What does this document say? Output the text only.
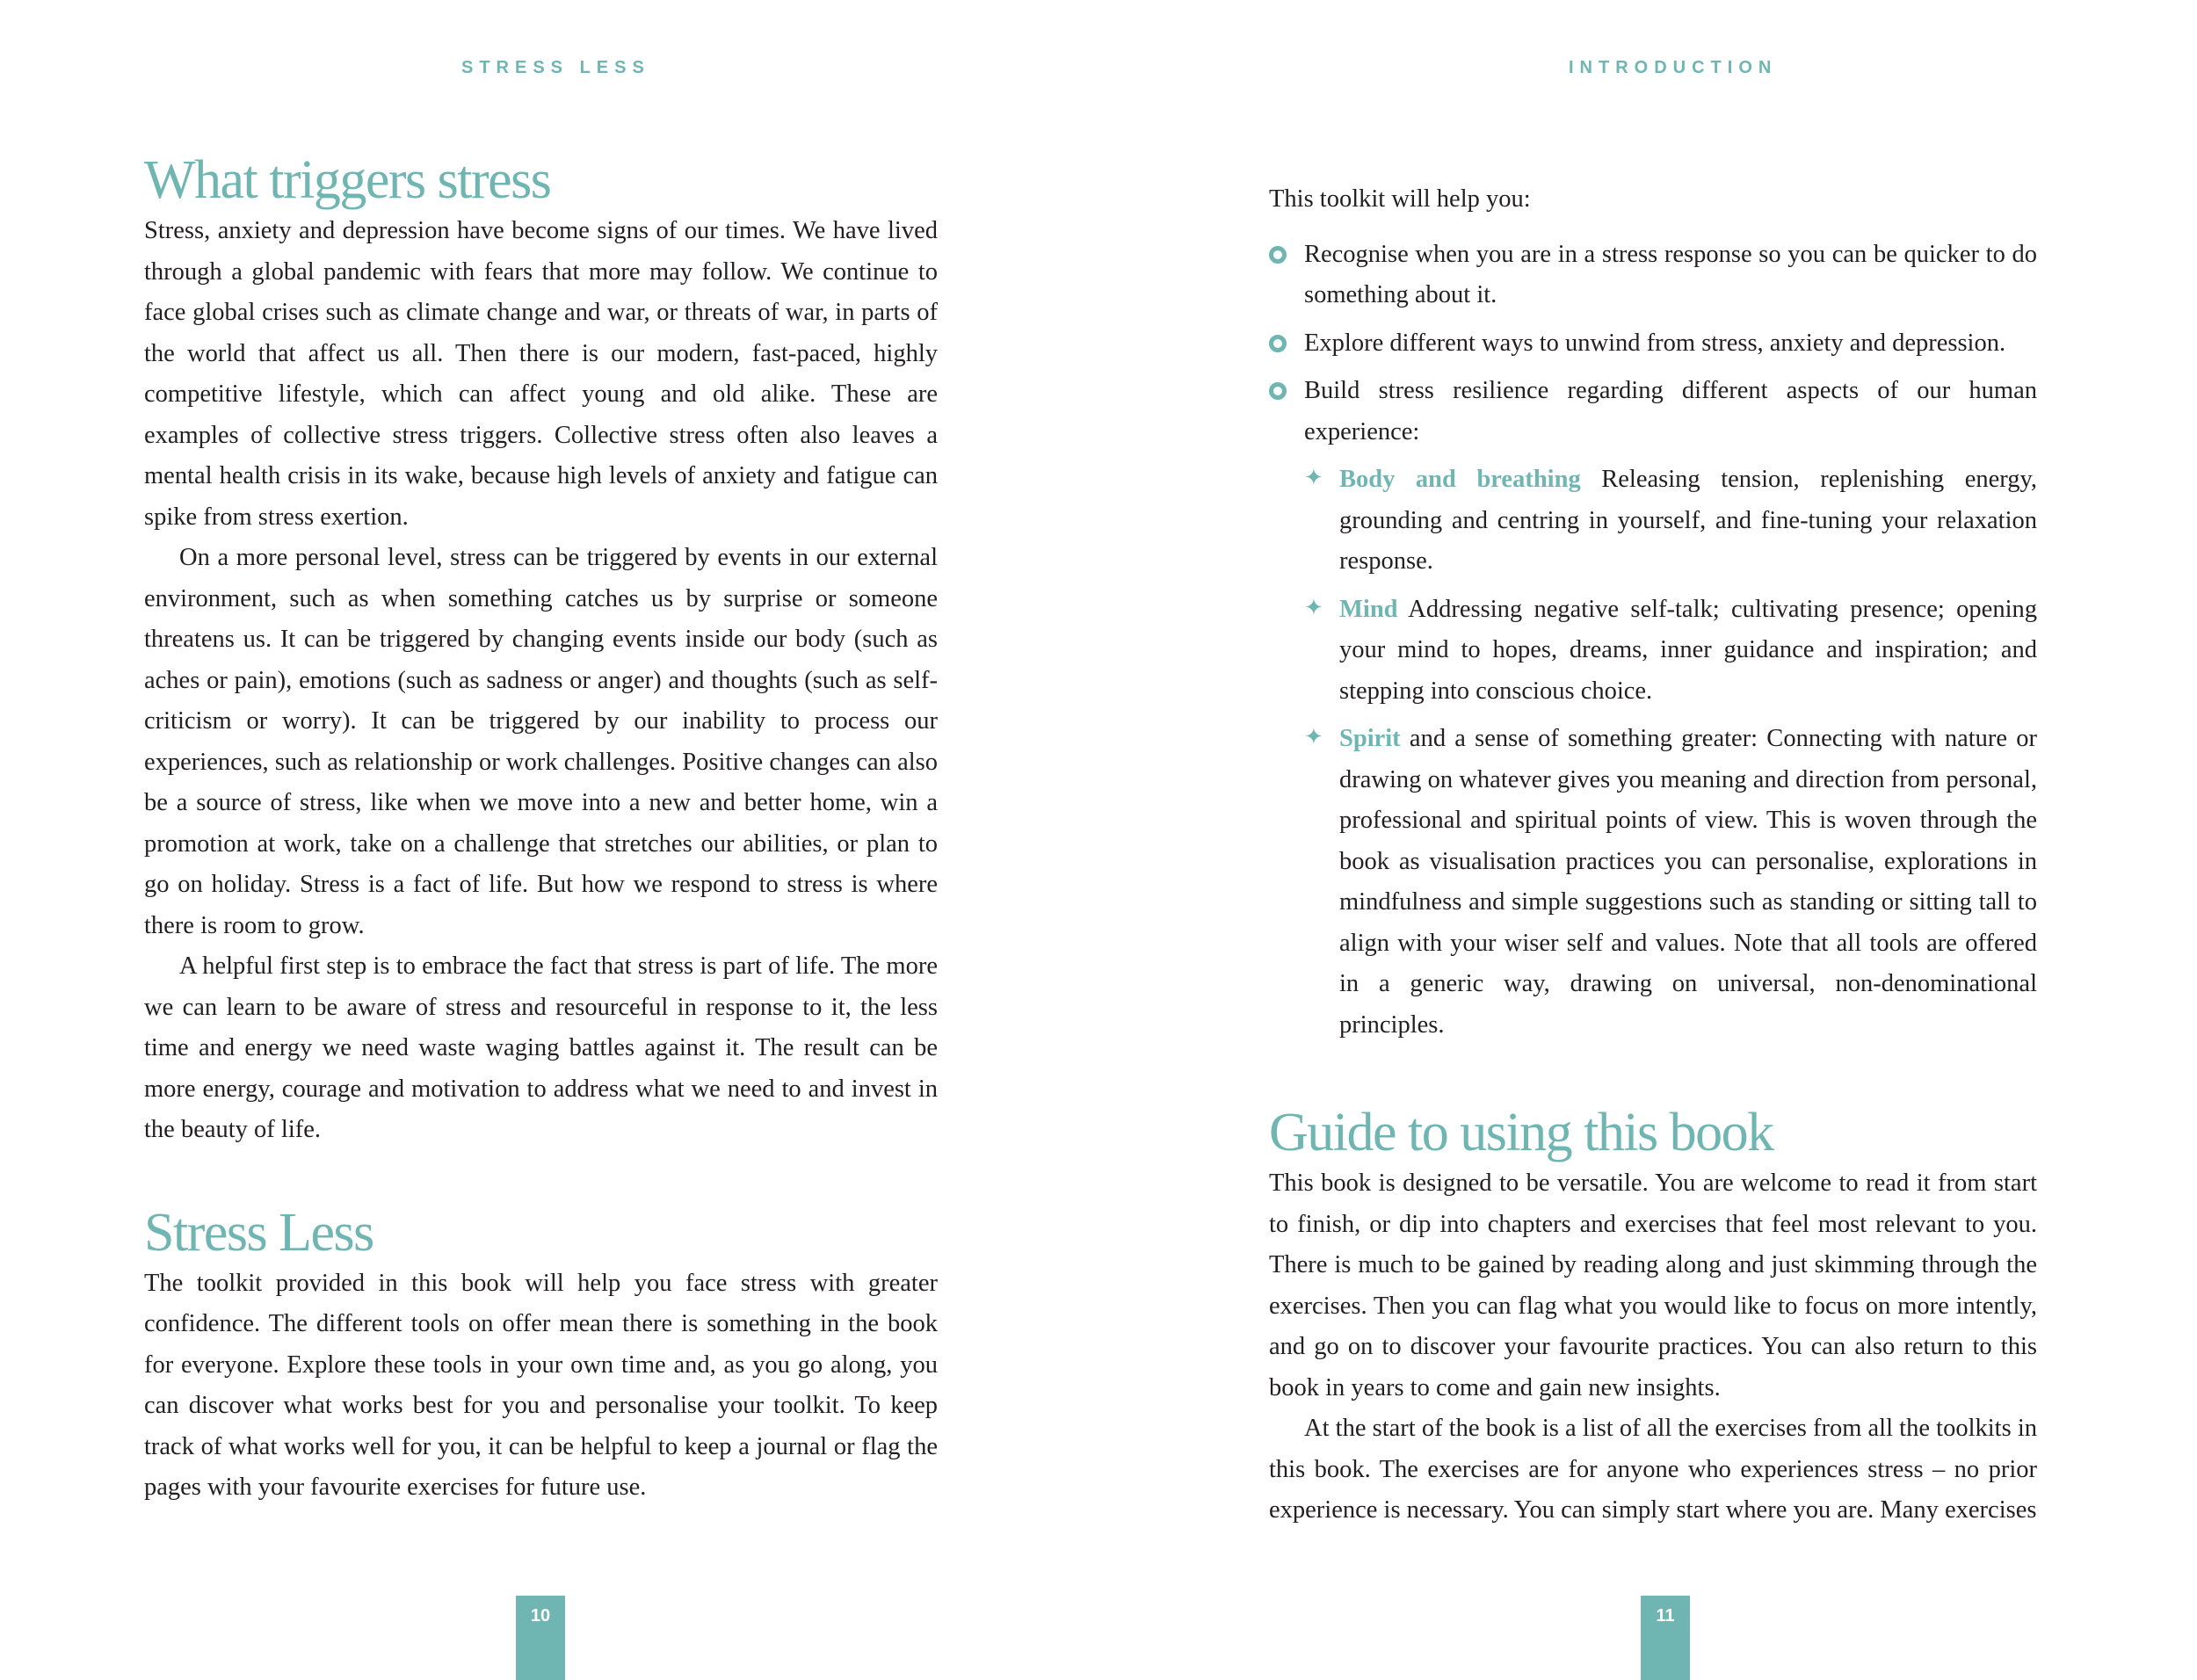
STRESS LESS
What triggers stress

Stress, anxiety and depression have become signs of our times. We have lived through a global pandemic with fears that more may follow. We continue to face global crises such as climate change and war, or threats of war, in parts of the world that affect us all. Then there is our modern, fast-paced, highly competitive lifestyle, which can affect young and old alike. These are examples of collective stress triggers. Collective stress often also leaves a mental health crisis in its wake, because high levels of anxiety and fatigue can spike from stress exertion.

On a more personal level, stress can be triggered by events in our external environment, such as when something catches us by surprise or someone threatens us. It can be triggered by changing events inside our body (such as aches or pain), emotions (such as sadness or anger) and thoughts (such as self-criticism or worry). It can be triggered by our inability to process our experiences, such as relationship or work challenges. Positive changes can also be a source of stress, like when we move into a new and better home, win a promotion at work, take on a challenge that stretches our abilities, or plan to go on holiday. Stress is a fact of life. But how we respond to stress is where there is room to grow.

A helpful first step is to embrace the fact that stress is part of life. The more we can learn to be aware of stress and resourceful in response to it, the less time and energy we need waste waging battles against it. The result can be more energy, courage and motivation to address what we need to and invest in the beauty of life.

Stress Less

The toolkit provided in this book will help you face stress with greater confidence. The different tools on offer mean there is something in the book for everyone. Explore these tools in your own time and, as you go along, you can discover what works best for you and personalise your toolkit. To keep track of what works well for you, it can be helpful to keep a journal or flag the pages with your favourite exercises for future use.

10
INTRODUCTION

This toolkit will help you:

Recognise when you are in a stress response so you can be quicker to do something about it.

Explore different ways to unwind from stress, anxiety and depression.

Build stress resilience regarding different aspects of our human experience:

✦ Body and breathing Releasing tension, replenishing energy, grounding and centring in yourself, and fine-tuning your relaxation response.

✦ Mind Addressing negative self-talk; cultivating presence; opening your mind to hopes, dreams, inner guidance and inspiration; and stepping into conscious choice.

✦ Spirit and a sense of something greater: Connecting with nature or drawing on whatever gives you meaning and direction from personal, professional and spiritual points of view. This is woven through the book as visualisation practices you can personalise, explorations in mindfulness and simple suggestions such as standing or sitting tall to align with your wiser self and values. Note that all tools are offered in a generic way, drawing on universal, non-denominational principles.

Guide to using this book

This book is designed to be versatile. You are welcome to read it from start to finish, or dip into chapters and exercises that feel most relevant to you. There is much to be gained by reading along and just skimming through the exercises. Then you can flag what you would like to focus on more intently, and go on to discover your favourite practices. You can also return to this book in years to come and gain new insights.

At the start of the book is a list of all the exercises from all the toolkits in this book. The exercises are for anyone who experiences stress – no prior experience is necessary. You can simply start where you are. Many exercises

11
